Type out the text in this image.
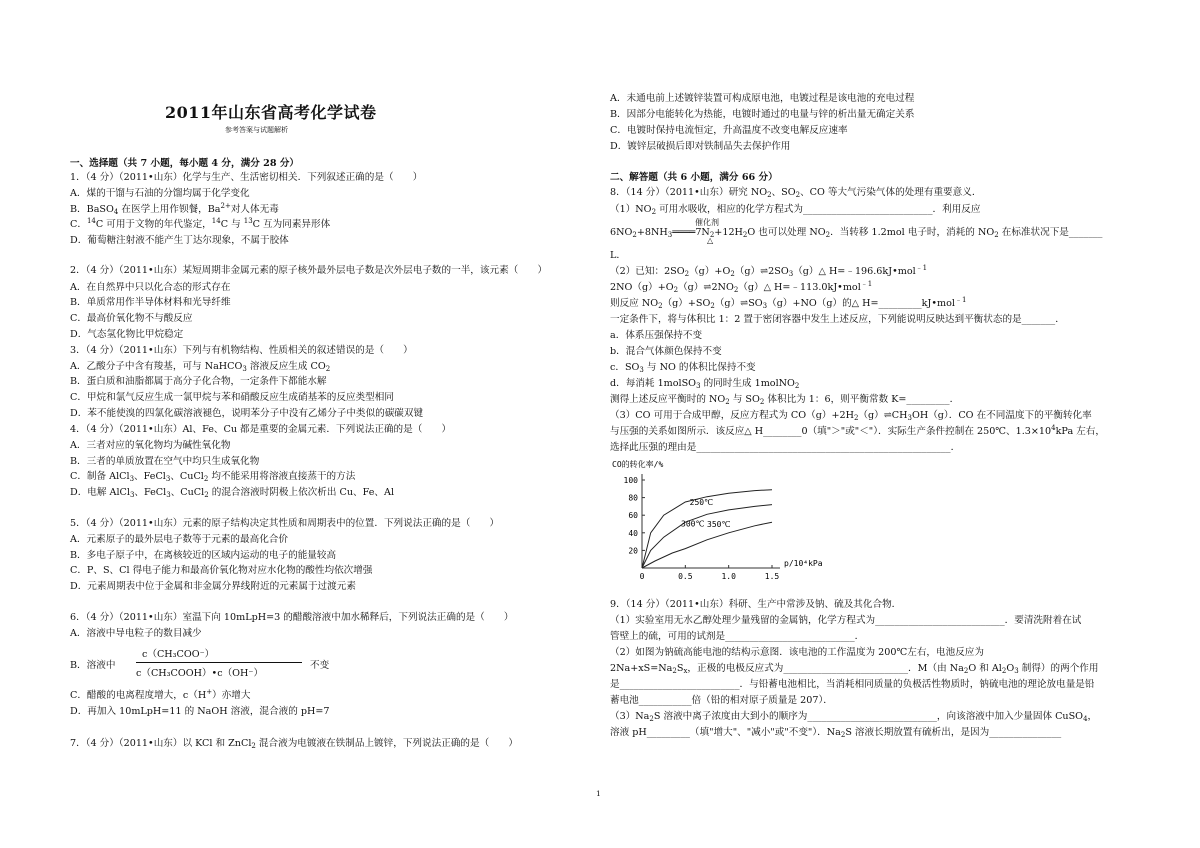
2011年山东省高考化学试卷
参考答案与试题解析
B．溶液中
c（CH₃COO⁻）
c（CH₃COOH）•c（OH⁻）
不变
一、选择题（共 7 小题，每小题 4 分，满分 28 分）
1．（4 分）（2011•山东）化学与生产、生活密切相关．下列叙述正确的是（　　）
A．煤的干馏与石油的分馏均属于化学变化
B．BaSO$_4$ 在医学上用作钡餐，$Ba^{2+}$对人体无毒
C．$^{14}$C 可用于文物的年代鉴定，$^{14}$C 与 $^{13}$C 互为同素异形体
D．葡萄糖注射液不能产生丁达尔现象，不属于胶体
2．（4 分）（2011•山东）某短周期非金属元素的原子核外最外层电子数是次外层电子数的一半，该元素（　　）
A．在自然界中只以化合态的形式存在
B．单质常用作半导体材料和光导纤维
C．最高价氧化物不与酸反应
D．气态氢化物比甲烷稳定
3．（4 分）（2011•山东）下列与有机物结构、性质相关的叙述错误的是（　　）
A．乙酸分子中含有羧基，可与 NaHCO$_3$ 溶液反应生成 $CO_2$
B．蛋白质和油脂都属于高分子化合物，一定条件下都能水解
C．甲烷和氯气反应生成一氯甲烷与苯和硝酸反应生成硝基苯的反应类型相同
D．苯不能使溴的四氯化碳溶液褪色，说明苯分子中没有乙烯分子中类似的碳碳双键
4．（4 分）（2011•山东）Al、Fe、Cu 都是重要的金属元素．下列说法正确的是（　　）
A．三者对应的氧化物均为碱性氧化物
B．三者的单质放置在空气中均只生成氧化物
C．制备 AlCl$_3$、FeCl$_3$、CuCl$_2$ 均不能采用将溶液直接蒸干的方法
D．电解 AlCl$_3$、FeCl$_3$、CuCl$_2$ 的混合溶液时阴极上依次析出 Cu、Fe、Al
5．（4 分）（2011•山东）元素的原子结构决定其性质和周期表中的位置．下列说法正确的是（　　）
A．元素原子的最外层电子数等于元素的最高化合价
B．多电子原子中，在离核较近的区域内运动的电子的能量较高
C．P、S、Cl 得电子能力和最高价氧化物对应水化物的酸性均依次增强
D．元素周期表中位于金属和非金属分界线附近的元素属于过渡元素
6．（4 分）（2011•山东）室温下向 10mLpH=3 的醋酸溶液中加水稀释后，下列说法正确的是（　　）
A．溶液中导电粒子的数目减少
C．醋酸的电离程度增大，c（H+）亦增大
D．再加入 10mLpH=11 的 NaOH 溶液，混合液的 pH=7
7．（4 分）（2011•山东）以 KCl 和 ZnCl$_2$ 混合液为电镀液在铁制品上镀锌，下列说法正确的是（　　）
催化剂
△
CO的转化率/%
20
40
60
80
100
0	0.5	1.0	1.5
p/10⁴kPa
250℃
300℃ 350℃
A．未通电前上述镀锌装置可构成原电池，电镀过程是该电池的充电过程
B．因部分电能转化为热能，电镀时通过的电量与锌的析出量无确定关系
C．电镀时保持电流恒定，升高温度不改变电解反应速率
D．镀锌层破损后即对铁制品失去保护作用
二、解答题（共 6 小题，满分 66 分）
8．（14 分）（2011•山东）研究 $NO_2$、$SO_2$、CO 等大气污染气体的处理有重要意义．
$(1)NO_2$ 可用水吸收，相应的化学方程式为___________________________．利用反应
$6NO_2+8NH_3════7N_2+12H_2O$ 也可以处理 $NO_2$．当转移 1.2mol 电子时，消耗的 $NO_2$ 在标准状况下是_______
L．
（2）已知：$2SO_2(g)+O_2(g)\rightleftharpoons 2SO_3(g)\triangle$ H=﹣196.6kJ•mol$^{﹣1}$
$2NO(g)+O_2(g)\rightleftharpoons 2NO_2(g)\triangle$ H=﹣113.0kJ•mol$^{﹣1}$
则反应 $NO_2(g)+SO_2(g)\rightleftharpoons SO_3(g)+NO(g)$的△ H=_________kJ•mol$^{﹣1}$
一定条件下，将与体积比 1：2 置于密闭容器中发生上述反应，下列能说明反映达到平衡状态的是_______．
a．体系压强保持不变
b．混合气体颜色保持不变
c．$SO_3$ 与 NO 的体积比保持不变
d．每消耗 1molSO$_3$ 的同时生成 1molNO$_2$
测得上述反应平衡时的 $NO_2$ 与 $SO_2$ 体积比为 1：6，则平衡常数 K=_________．
（3）CO 可用于合成甲醇，反应方程式为 $CO(g)+2H_2(g)\rightleftharpoons CH_3OH(g)$．CO 在不同温度下的平衡转化率
与压强的关系如图所示．该反应△ H________0（填"＞"或"＜"）．实际生产条件控制在 250℃、$1.3\times 10^4kPa$ 左右，
选择此压强的理由是_____________________________________________________．
9．（14 分）（2011•山东）科研、生产中常涉及钠、硫及其化合物．
（1）实验室用无水乙醇处理少量残留的金属钠，化学方程式为___________________________．要清洗附着在试
管壁上的硫，可用的试剂是___________________________．
（2）如图为钠硫高能电池的结构示意图．该电池的工作温度为 200℃左右，电池反应为
$2Na+xS=Na_2S_x$，正极的电极反应式为__________________________．M（由 $Na_2O$ 和 $Al_2O_3$ 制得）的两个作用
是_________________________．与铅蓄电池相比，当消耗相同质量的负极活性物质时，钠硫电池的理论放电量是铅
蓄电池___________倍（铅的相对原子质量是 207）．
$(3)Na_2S$ 溶液中离子浓度由大到小的顺序为___________________________，向该溶液中加入少量固体 CuSO$_4$，
溶液 pH_________（填"增大"、"减小"或"不变"）．$Na_2S$ 溶液长期放置有硫析出，是因为_______________
1
